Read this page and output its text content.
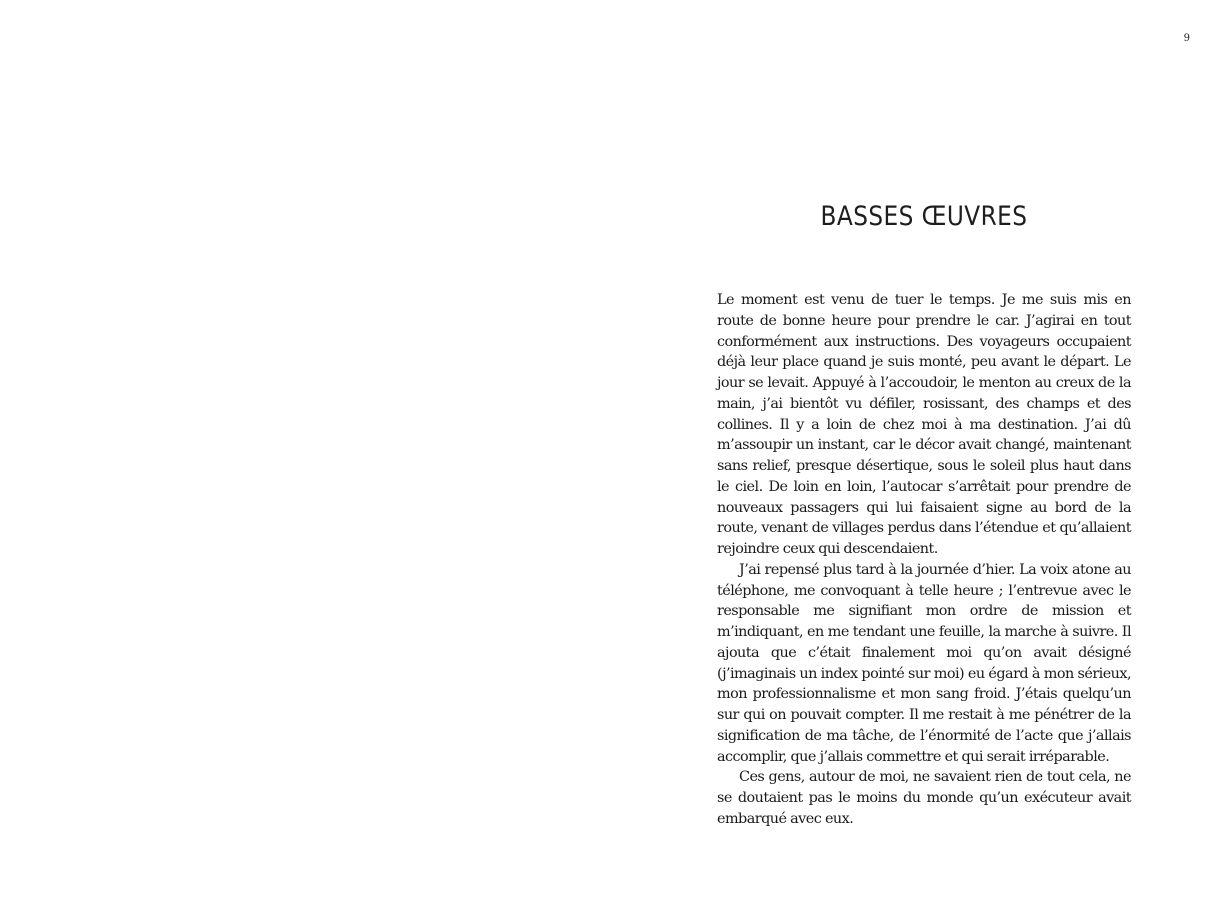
9
BASSES ŒUVRES

Le moment est venu de tuer le temps. Je me suis mis en route de bonne heure pour prendre le car. J’agirai en tout conformément aux instructions. Des voyageurs occupaient déjà leur place quand je suis monté, peu avant le départ. Le jour se levait. Appuyé à l’accoudoir, le menton au creux de la main, j’ai bientôt vu défiler, rosissant, des champs et des collines. Il y a loin de chez moi à ma destination. J’ai dû m’assoupir un instant, car le décor avait changé, maintenant sans relief, presque désertique, sous le soleil plus haut dans le ciel. De loin en loin, l’autocar s’arrêtait pour prendre de nouveaux passagers qui lui faisaient signe au bord de la route, venant de villages perdus dans l’étendue et qu’allaient rejoindre ceux qui descendaient.

J’ai repensé plus tard à la journée d’hier. La voix atone au téléphone, me convoquant à telle heure ; l’entrevue avec le responsable me signifiant mon ordre de mission et m’indiquant, en me tendant une feuille, la marche à suivre. Il ajouta que c’était finalement moi qu’on avait désigné (j’imaginais un index pointé sur moi) eu égard à mon sérieux, mon professionnalisme et mon sang froid. J’étais quelqu’un sur qui on pouvait compter. Il me restait à me pénétrer de la signification de ma tâche, de l’énormité de l’acte que j’allais accomplir, que j’allais commettre et qui serait irréparable.

Ces gens, autour de moi, ne savaient rien de tout cela, ne se doutaient pas le moins du monde qu’un exécuteur avait embarqué avec eux.
